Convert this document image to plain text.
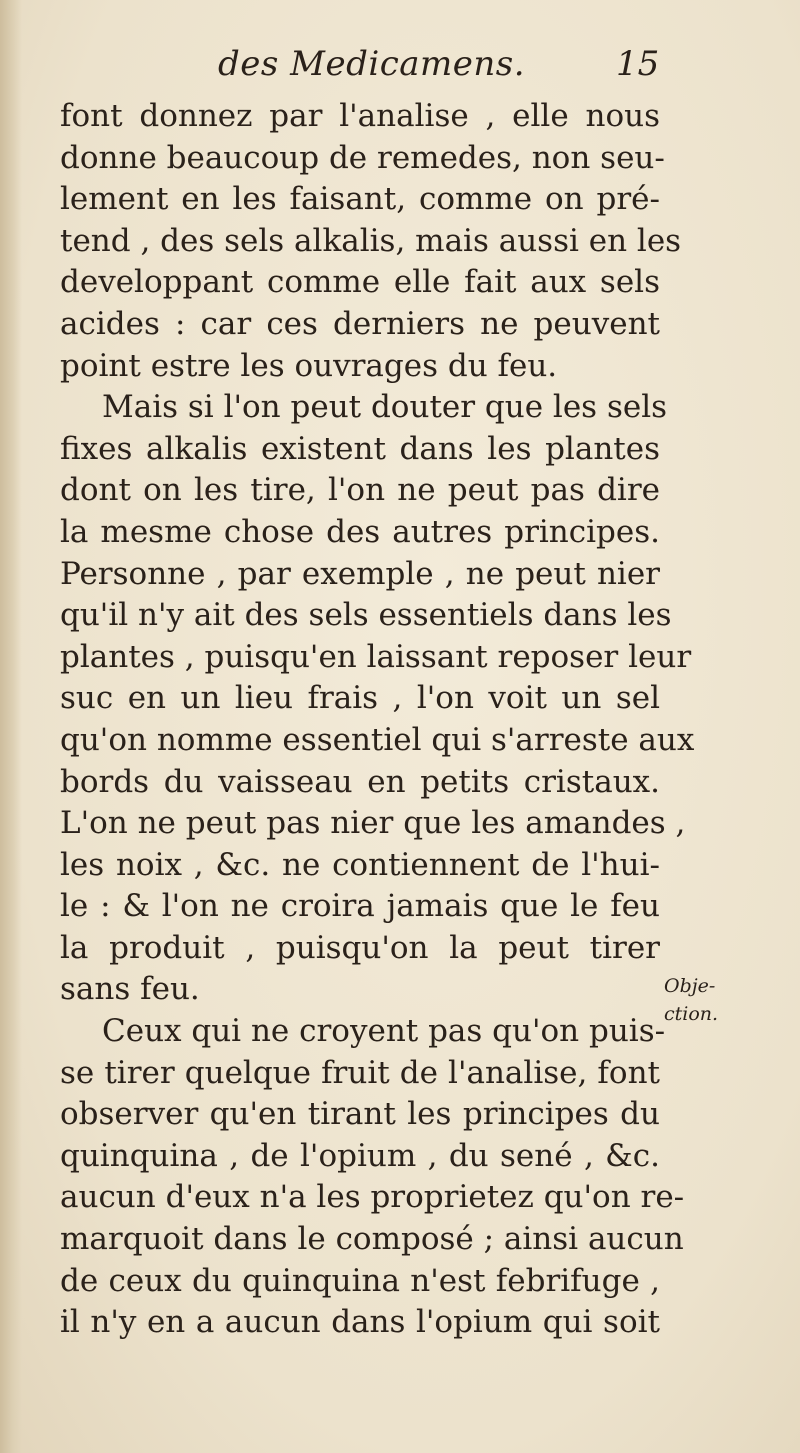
des Medicamens.	15
font donnez par l'analise , elle nous
donne beaucoup de remedes, non seu-
lement en les faisant, comme on pré-
tend , des sels alkalis, mais aussi en les
developpant comme elle fait aux sels
acides : car ces derniers ne peuvent
point estre les ouvrages du feu.
Mais si l'on peut douter que les sels
fixes alkalis existent dans les plantes
dont on les tire, l'on ne peut pas dire
la mesme chose des autres principes.
Personne , par exemple , ne peut nier
qu'il n'y ait des sels essentiels dans les
plantes , puisqu'en laissant reposer leur
suc en un lieu frais , l'on voit un sel
qu'on nomme essentiel qui s'arreste aux
bords du vaisseau en petits cristaux.
L'on ne peut pas nier que les amandes ,
les noix , &c. ne contiennent de l'hui-
le : & l'on ne croira jamais que le feu
la produit , puisqu'on la peut tirer
sans feu.
Ceux qui ne croyent pas qu'on puis-
se tirer quelque fruit de l'analise, font
observer qu'en tirant les principes du
quinquina , de l'opium , du sené , &c.
aucun d'eux n'a les proprietez qu'on re-
marquoit dans le composé ; ainsi aucun
de ceux du quinquina n'est febrifuge ,
il n'y en a aucun dans l'opium qui soit
Obje-
ction.
